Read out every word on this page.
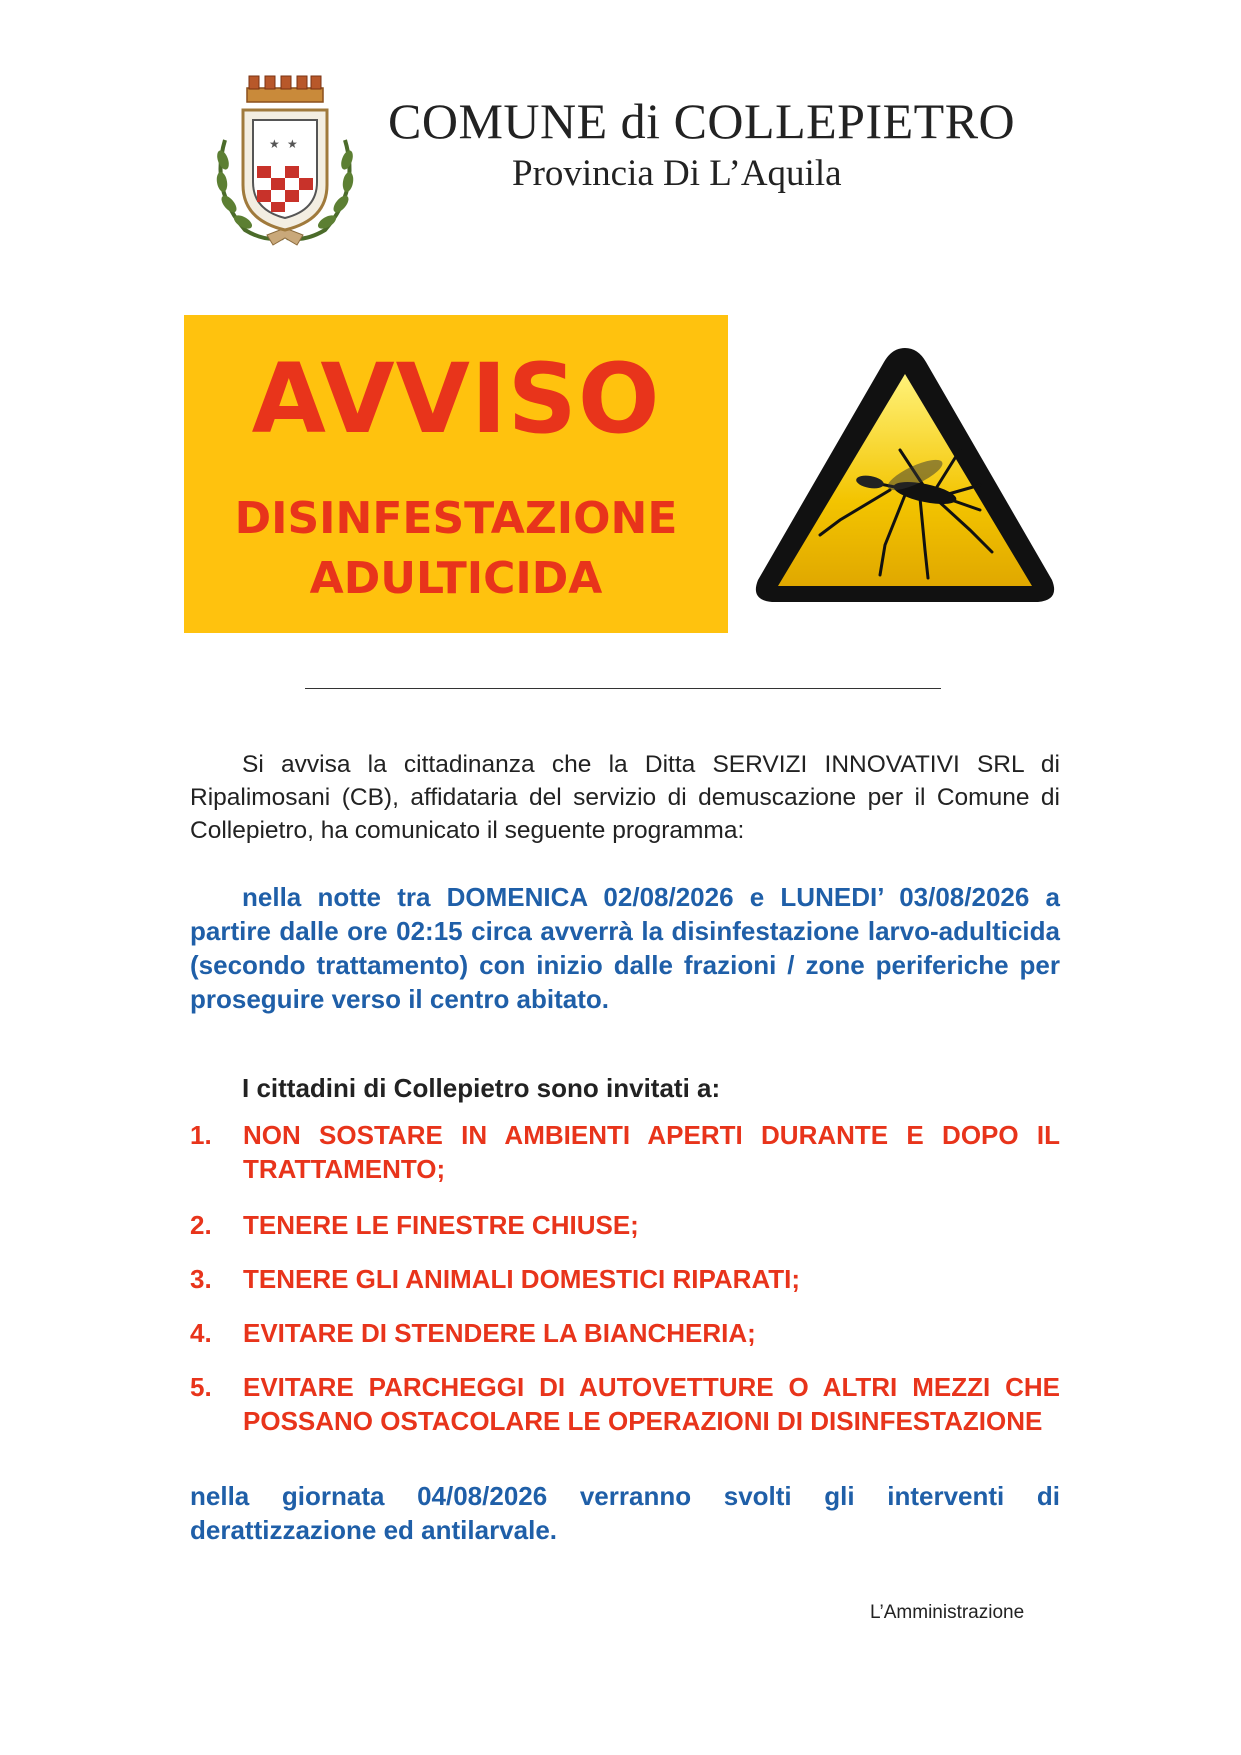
★ ★ COMUNE di COLLEPIETRO
Provincia Di L’Aquila
AVVISO
DISINFESTAZIONE
ADULTICIDA
Si avvisa la cittadinanza che la Ditta SERVIZI INNOVATIVI SRL di Ripalimosani (CB), affidataria del servizio di demuscazione per il Comune di Collepietro, ha comunicato il seguente programma:
nella notte tra DOMENICA 02/08/2026 e LUNEDI’ 03/08/2026 a partire dalle ore 02:15 circa avverrà la disinfestazione larvo-adulticida (secondo trattamento) con inizio dalle frazioni / zone periferiche per proseguire verso il centro abitato.
I cittadini di Collepietro sono invitati a:
1.	NON SOSTARE IN AMBIENTI APERTI DURANTE E DOPO IL TRATTAMENTO;
2.	TENERE LE FINESTRE CHIUSE;
3.	TENERE GLI ANIMALI DOMESTICI RIPARATI;
4.	EVITARE DI STENDERE LA BIANCHERIA;
5.	EVITARE PARCHEGGI DI AUTOVETTURE O ALTRI MEZZI CHE POSSANO OSTACOLARE LE OPERAZIONI DI DISINFESTAZIONE
nella giornata 04/08/2026 verranno svolti gli interventi di derattizzazione ed antilarvale.
L’Amministrazione
